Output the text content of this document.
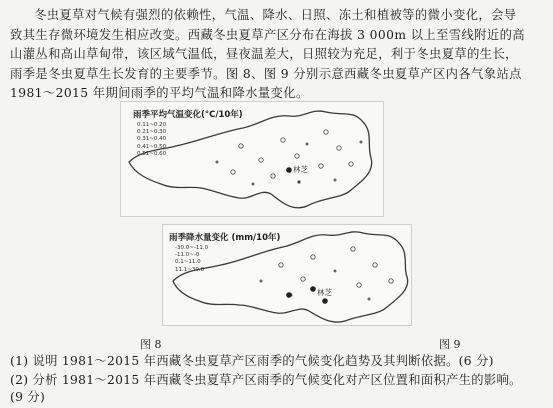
冬虫夏草对气候有强烈的依赖性，气温、降水、日照、冻土和植被等的微小变化，会导
致其生存微环境发生相应改变。西藏冬虫夏草产区分布在海拔 3 000m 以上至雪线附近的高
山灌丛和高山草甸带，该区域气温低，昼夜温差大，日照较为充足，利于冬虫夏草的生长，
雨季是冬虫夏草生长发育的主要季节。图 8、图 9 分别示意西藏冬虫夏草产区内各气象站点
1981～2015 年期间雨季的平均气温和降水量变化。
雨季平均气温变化(°C/10年)
0.11~0.20
0.21~0.30
0.31~0.40
0.41~0.50
0.51~0.60
林芝
雨季降水量变化 (mm/10年)
-30.0~-11.0
-11.0~-0
0.1~11.0
11.1~30.0
林芝
图 8	图 9
(1) 说明 1981～2015 年西藏冬虫夏草产区雨季的气候变化趋势及其判断依据。(6 分)
(2) 分析 1981～2015 年西藏冬虫夏草产区雨季的气候变化对产区位置和面积产生的影响。
(9 分)
